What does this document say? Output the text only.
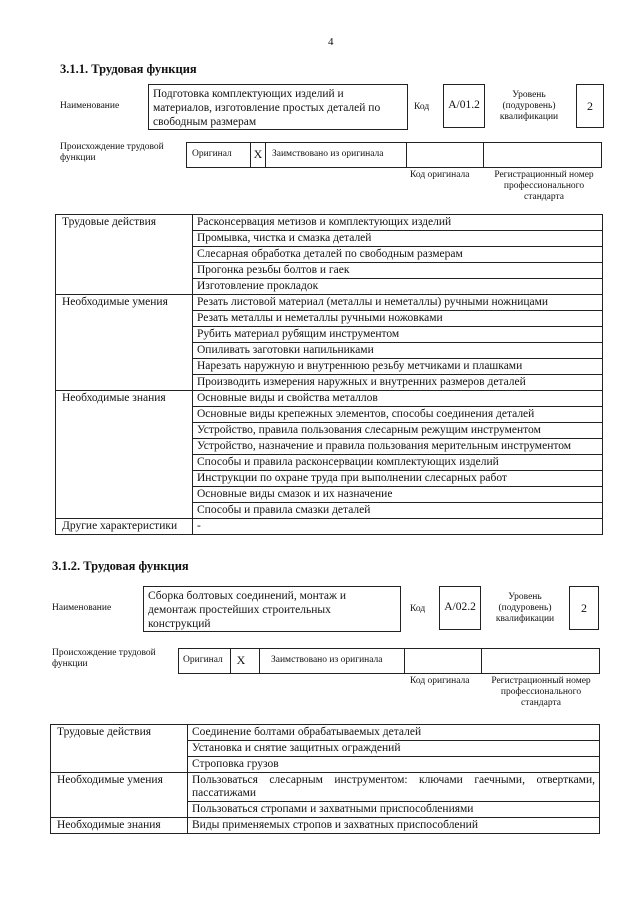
4
3.1.1. Трудовая функция
Наименование
Подготовка комплектующих изделий и материалов, изготовление простых деталей по свободным размерам
Код	А/01.2
Уровень (подуровень) квалификации
2
Происхождение трудовой функции	Оригинал	X	Заимствовано из оригинала
Код оригинала	Регистрационный номер профессионального стандарта
Трудовые действия	Расконсервация метизов и комплектующих изделий
	Промывка, чистка и смазка деталей
	Слесарная обработка деталей по свободным размерам
	Прогонка резьбы болтов и гаек
	Изготовление прокладок
Необходимые умения	Резать листовой материал (металлы и неметаллы) ручными ножницами
	Резать металлы и неметаллы ручными ножовками
	Рубить материал рубящим инструментом
	Опиливать заготовки напильниками
	Нарезать наружную и внутреннюю резьбу метчиками и плашками
	Производить измерения наружных и внутренних размеров деталей
Необходимые знания	Основные виды и свойства металлов
	Основные виды крепежных элементов, способы соединения деталей
	Устройство, правила пользования слесарным режущим инструментом
	Устройство, назначение и правила пользования мерительным инструментом
	Способы и правила расконсервации комплектующих изделий
	Инструкции по охране труда при выполнении слесарных работ
	Основные виды смазок и их назначение
	Способы и правила смазки деталей
Другие характеристики	-
3.1.2. Трудовая функция
Наименование
Сборка болтовых соединений, монтаж и демонтаж простейших строительных конструкций
Код	А/02.2
Уровень (подуровень) квалификации
2
Происхождение трудовой функции	Оригинал	X	Заимствовано из оригинала
Код оригинала	Регистрационный номер профессионального стандарта
Трудовые действия	Соединение болтами обрабатываемых деталей
	Установка и снятие защитных ограждений
	Строповка грузов
Необходимые умения	Пользоваться слесарным инструментом: ключами гаечными, отвертками, пассатижами
	Пользоваться стропами и захватными приспособлениями
Необходимые знания	Виды применяемых стропов и захватных приспособлений
